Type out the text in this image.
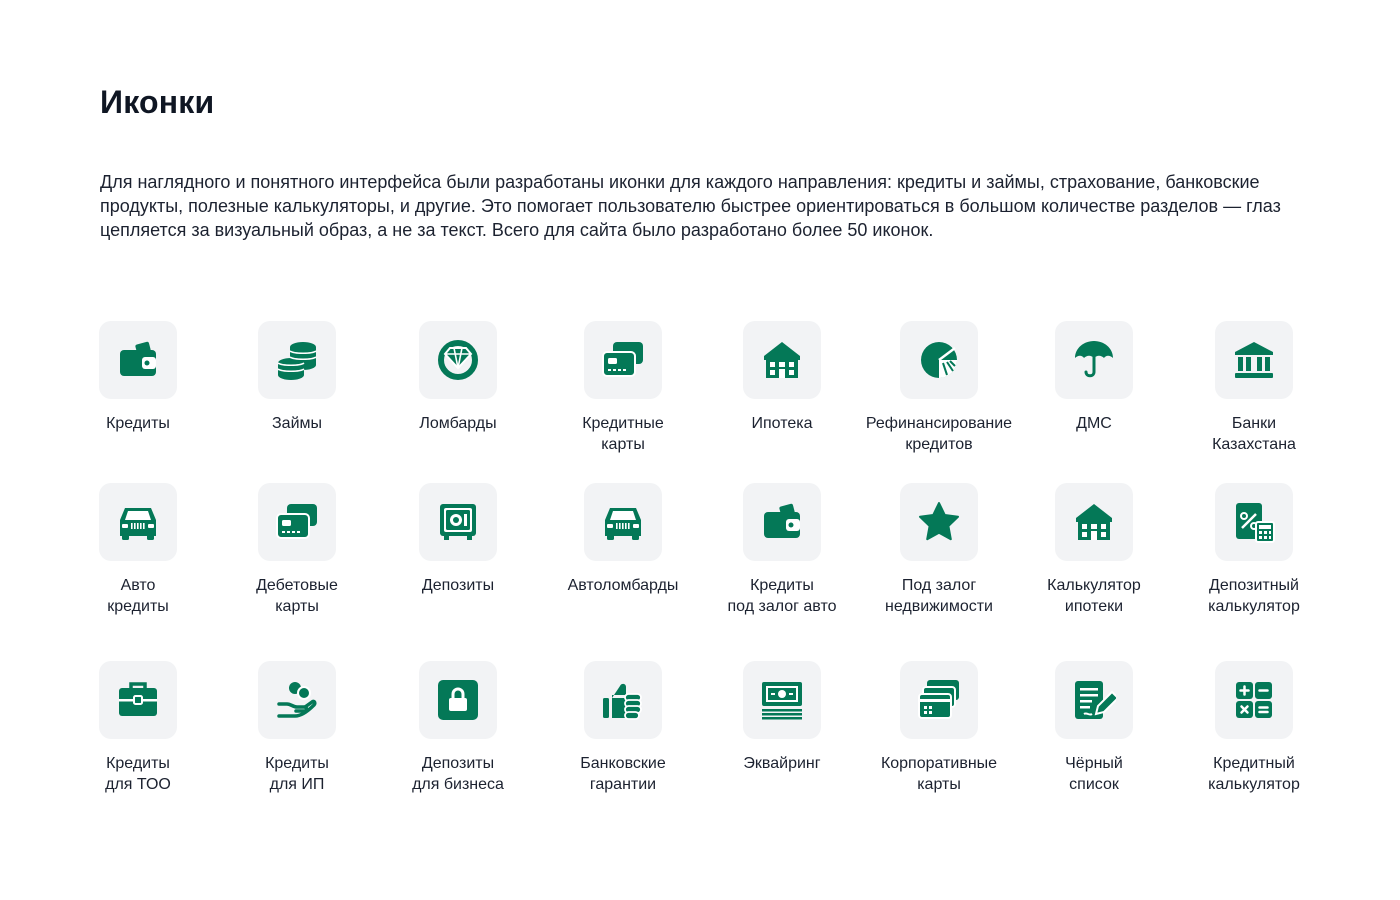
Иконки

Для наглядного и понятного интерфейса были разработаны иконки для каждого направления: кредиты и займы, страхование, банковские продукты, полезные калькуляторы, и другие. Это помогает пользователю быстрее ориентироваться в большом количестве разделов — глаз цепляется за визуальный образ, а не за текст. Всего для сайта было разработано более 50 иконок.

Кредиты	Займы	Ломбарды	Кредитные
карты
Ипотека	Рефинансирование
кредитов
ДМС	Банки
Казахстана
Авто
кредиты
Дебетовые
карты
Депозиты	Автоломбарды	Кредиты
под залог авто
Под залог
недвижимости
Калькулятор
ипотеки
Депозитный
калькулятор
Кредиты
для ТОО
Кредиты
для ИП
Депозиты
для бизнеса
Банковские
гарантии
Эквайринг	Корпоративные
карты
Чёрный
список
Кредитный
калькулятор
